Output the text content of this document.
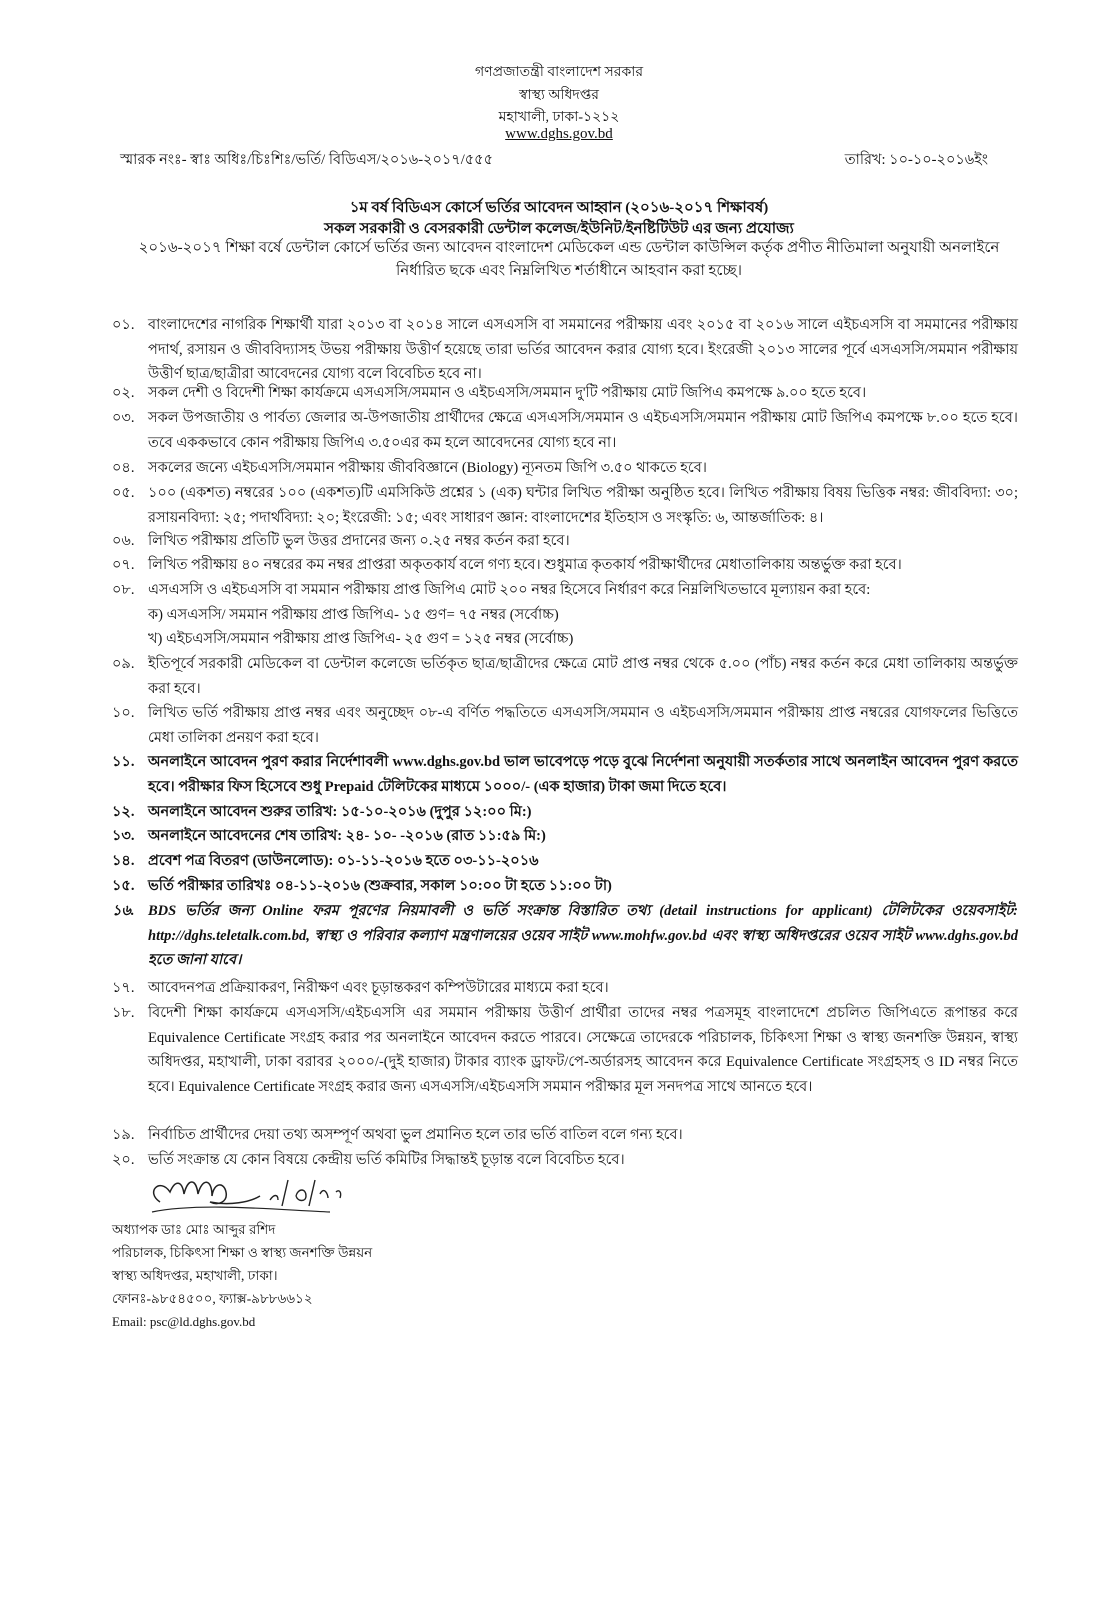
গণপ্রজাতন্ত্রী বাংলাদেশ সরকার
স্বাস্থ্য অধিদপ্তর
মহাখালী, ঢাকা-১২১২
www.dghs.gov.bd
স্মারক নংঃ- স্বাঃ অধিঃ/চিঃশিঃ/ভর্তি/ বিডিএস/২০১৬-২০১৭/৫৫৫	তারিখ: ১০-১০-২০১৬ইং
১ম বর্ষ বিডিএস কোর্সে ভর্তির আবেদন আহ্বান (২০১৬-২০১৭ শিক্ষাবর্ষ)
সকল সরকারী ও বেসরকারী ডেন্টাল কলেজ/ইউনিট/ইনষ্টিটিউট এর জন্য প্রযোজ্য
২০১৬-২০১৭ শিক্ষা বর্ষে ডেন্টাল কোর্সে ভর্তির জন্য আবেদন বাংলাদেশ মেডিকেল এন্ড ডেন্টাল কাউন্সিল কর্তৃক প্রণীত নীতিমালা অনুযায়ী অনলাইনে নির্ধারিত ছকে এবং নিম্নলিখিত শর্তাধীনে আহবান করা হচ্ছে।
০১. বাংলাদেশের নাগরিক শিক্ষার্থী যারা ২০১৩ বা ২০১৪ সালে এসএসসি বা সমমানের পরীক্ষায় এবং ২০১৫ বা ২০১৬ সালে এইচএসসি বা সমমানের পরীক্ষায় পদার্থ, রসায়ন ও জীববিদ্যাসহ উভয় পরীক্ষায় উত্তীর্ণ হয়েছে তারা ভর্তির আবেদন করার যোগ্য হবে। ইংরেজী ২০১৩ সালের পূর্বে এসএসসি/সমমান পরীক্ষায় উত্তীর্ণ ছাত্র/ছাত্রীরা আবেদনের যোগ্য বলে বিবেচিত হবে না।
০২. সকল দেশী ও বিদেশী শিক্ষা কার্যক্রমে এসএসসি/সমমান ও এইচএসসি/সমমান দু'টি পরীক্ষায় মোট জিপিএ কমপক্ষে ৯.০০ হতে হবে।
০৩. সকল উপজাতীয় ও পার্বত্য জেলার অ-উপজাতীয় প্রার্থীদের ক্ষেত্রে এসএসসি/সমমান ও এইচএসসি/সমমান পরীক্ষায় মোট জিপিএ কমপক্ষে ৮.০০ হতে হবে। তবে এককভাবে কোন পরীক্ষায় জিপিএ ৩.৫০এর কম হলে আবেদনের যোগ্য হবে না।
০৪. সকলের জন্যে এইচএসসি/সমমান পরীক্ষায় জীববিজ্ঞানে (Biology) ন্যূনতম জিপি ৩.৫০ থাকতে হবে।
০৫. ১০০ (একশত) নম্বরের ১০০ (একশত)টি এমসিকিউ প্রশ্নের ১ (এক) ঘন্টার লিখিত পরীক্ষা অনুষ্ঠিত হবে। লিখিত পরীক্ষায় বিষয় ভিত্তিক নম্বর: জীববিদ্যা: ৩০; রসায়নবিদ্যা: ২৫; পদার্থবিদ্যা: ২০; ইংরেজী: ১৫; এবং সাধারণ জ্ঞান: বাংলাদেশের ইতিহাস ও সংস্কৃতি: ৬, আন্তর্জাতিক: ৪।
০৬. লিখিত পরীক্ষায় প্রতিটি ভুল উত্তর প্রদানের জন্য ০.২৫ নম্বর কর্তন করা হবে।
০৭. লিখিত পরীক্ষায় ৪০ নম্বরের কম নম্বর প্রাপ্তরা অকৃতকার্য বলে গণ্য হবে। শুধুমাত্র কৃতকার্য পরীক্ষার্থীদের মেধাতালিকায় অন্তর্ভুক্ত করা হবে।
০৮. এসএসসি ও এইচএসসি বা সমমান পরীক্ষায় প্রাপ্ত জিপিএ মোট ২০০ নম্বর হিসেবে নির্ধারণ করে নিম্নলিখিতভাবে মূল্যায়ন করা হবে:
০৯. ইতিপূর্বে সরকারী মেডিকেল বা ডেন্টাল কলেজে ভর্তিকৃত ছাত্র/ছাত্রীদের ক্ষেত্রে মোট প্রাপ্ত নম্বর থেকে ৫.০০ (পাঁচ) নম্বর কর্তন করে মেধা তালিকায় অন্তর্ভুক্ত করা হবে।
১০. লিখিত ভর্তি পরীক্ষায় প্রাপ্ত নম্বর এবং অনুচ্ছেদ ০৮-এ বর্ণিত পদ্ধতিতে এসএসসি/সমমান ও এইচএসসি/সমমান পরীক্ষায় প্রাপ্ত নম্বরের যোগফলের ভিত্তিতে মেধা তালিকা প্রনয়ণ করা হবে।
১১. অনলাইনে আবেদন পুরণ করার নির্দেশাবলী www.dghs.gov.bd ভাল ভাবেপড়ে পড়ে বুঝে নির্দেশনা অনুযায়ী সতর্কতার সাথে অনলাইন আবেদন পুরণ করতে হবে। পরীক্ষার ফিস হিসেবে শুধু Prepaid টেলিটকের মাধ্যমে ১০০০/- (এক হাজার) টাকা জমা দিতে হবে।
১২. অনলাইনে আবেদন শুরুর তারিখ: ১৫-১০-২০১৬ (দুপুর ১২:০০ মি:)
১৩. অনলাইনে আবেদনের শেষ তারিখ: ২৪- ১০- -২০১৬ (রাত ১১:৫৯ মি:)
১৪. প্রবেশ পত্র বিতরণ (ডাউনলোড): ০১-১১-২০১৬ হতে ০৩-১১-২০১৬
১৫. ভর্তি পরীক্ষার তারিখঃ ০৪-১১-২০১৬ (শুক্রবার, সকাল ১০:০০ টা হতে ১১:০০ টা)
১৬. BDS ভর্তির জন্য Online ফরম পূরণের নিয়মাবলী ও ভর্তি সংক্রান্ত বিস্তারিত তথ্য (detail instructions for applicant) টেলিটকের ওয়েবসাইট: http://dghs.teletalk.com.bd, স্বাস্থ্য ও পরিবার কল্যাণ মন্ত্রণালয়ের ওয়েব সাইট www.mohfw.gov.bd এবং স্বাস্থ্য অধিদপ্তরের ওয়েব সাইট www.dghs.gov.bd হতে জানা যাবে।
১৭. আবেদনপত্র প্রক্রিয়াকরণ, নিরীক্ষণ এবং চূড়ান্তকরণ কম্পিউটারের মাধ্যমে করা হবে।
১৮. বিদেশী শিক্ষা কার্যক্রমে এসএসসি/এইচএসসি এর সমমান পরীক্ষায় উত্তীর্ণ প্রার্থীরা তাদের নম্বর পত্রসমূহ বাংলাদেশে প্রচলিত জিপিএতে রূপান্তর করে Equivalence Certificate সংগ্রহ করার পর অনলাইনে আবেদন করতে পারবে। সেক্ষেত্রে তাদেরকে পরিচালক, চিকিৎসা শিক্ষা ও স্বাস্থ্য জনশক্তি উন্নয়ন, স্বাস্থ্য অধিদপ্তর, মহাখালী, ঢাকা বরাবর ২০০০/-(দুই হাজার) টাকার ব্যাংক ড্রাফট/পে-অর্ডারসহ আবেদন করে Equivalence Certificate সংগ্রহসহ ও ID নম্বর নিতে হবে। Equivalence Certificate সংগ্রহ করার জন্য এসএসসি/এইচএসসি সমমান পরীক্ষার মূল সনদপত্র সাথে আনতে হবে।
১৯. নির্বাচিত প্রার্থীদের দেয়া তথ্য অসম্পূর্ণ অথবা ভুল প্রমানিত হলে তার ভর্তি বাতিল বলে গন্য হবে।
২০. ভর্তি সংক্রান্ত যে কোন বিষয়ে কেন্দ্রীয় ভর্তি কমিটির সিদ্ধান্তই চূড়ান্ত বলে বিবেচিত হবে।
ক) এসএসসি/ সমমান পরীক্ষায় প্রাপ্ত জিপিএ- ১৫ গুণ= ৭৫ নম্বর (সর্বোচ্চ)
খ) এইচএসসি/সমমান পরীক্ষায় প্রাপ্ত জিপিএ- ২৫ গুণ = ১২৫ নম্বর (সর্বোচ্চ)
অধ্যাপক ডাঃ মোঃ আব্দুর রশিদ
পরিচালক, চিকিৎসা শিক্ষা ও স্বাস্থ্য জনশক্তি উন্নয়ন
স্বাস্থ্য অধিদপ্তর, মহাখালী, ঢাকা।
ফোনঃ-৯৮৫৪৫০০, ফ্যাক্স-৯৮৮৬৬১২
Email: psc@ld.dghs.gov.bd
